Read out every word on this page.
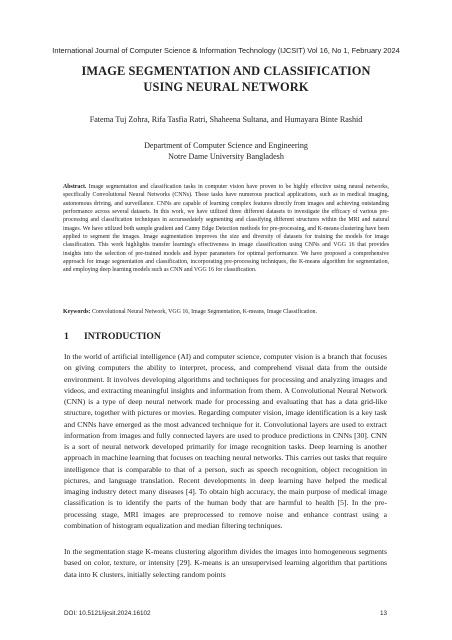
International Journal of Computer Science & Information Technology (IJCSIT) Vol 16, No 1, February 2024
IMAGE SEGMENTATION AND CLASSIFICATION
USING NEURAL NETWORK
Fatema Tuj Zohra, Rifa Tasfia Ratri, Shaheena Sultana, and Humayara Binte Rashid
Department of Computer Science and Engineering
Notre Dame University Bangladesh
Abstract. Image segmentation and classification tasks in computer vision have proven to be highly effective using neural networks, specifically Convolutional Neural Networks (CNNs). These tasks have numerous practical applications, such as in medical imaging, autonomous driving, and surveillance. CNNs are capable of learning complex features directly from images and achieving outstanding performance across several datasets. In this work, we have utilized three different datasets to investigate the efficacy of various pre-processing and classification techniques in accurssedately segmenting and classifying different structures within the MRI and natural images. We have utilized both sample gradient and Canny Edge Detection methods for pre-processing, and K-means clustering have been applied to segment the images. Image augmentation improves the size and diversity of datasets for training the models for image classification. This work highlights transfer learning's effectiveness in image classification using CNNs and VGG 16 that provides insights into the selection of pre-trained models and hyper parameters for optimal performance. We have proposed a comprehensive approach for image segmentation and classification, incorporating pre-processing techniques, the K-means algorithm for segmentation, and employing deep learning models such as CNN and VGG 16 for classification.
Keywords: Convolutional Neural Network, VGG 16, Image Segmentation, K-means, Image Classification.
1 INTRODUCTION
In the world of artificial intelligence (AI) and computer science, computer vision is a branch that focuses on giving computers the ability to interpret, process, and comprehend visual data from the outside environment. It involves developing algorithms and techniques for processing and analyzing images and videos, and extracting meaningful insights and information from them. A Convolutional Neural Network (CNN) is a type of deep neural network made for processing and evaluating that has a data grid-like structure, together with pictures or movies. Regarding computer vision, image identification is a key task and CNNs have emerged as the most advanced technique for it. Convolutional layers are used to extract information from images and fully connected layers are used to produce predictions in CNNs [30]. CNN is a sort of neural network developed primarily for image recognition tasks. Deep learning is another approach in machine learning that focuses on teaching neural networks. This carries out tasks that require intelligence that is comparable to that of a person, such as speech recognition, object recognition in pictures, and language translation. Recent developments in deep learning have helped the medical imaging industry detect many diseases [4]. To obtain high accuracy, the main purpose of medical image classification is to identify the parts of the human body that are harmful to health [5]. In the pre-processing stage, MRI images are preprocessed to remove noise and enhance contrast using a combination of histogram equalization and median filtering techniques.
In the segmentation stage K-means clustering algorithm divides the images into homogeneous segments based on color, texture, or intensity [29]. K-means is an unsupervised learning algorithm that partitions data into K clusters, initially selecting random points
DOI: 10.5121/ijcsit.2024.16102	13
